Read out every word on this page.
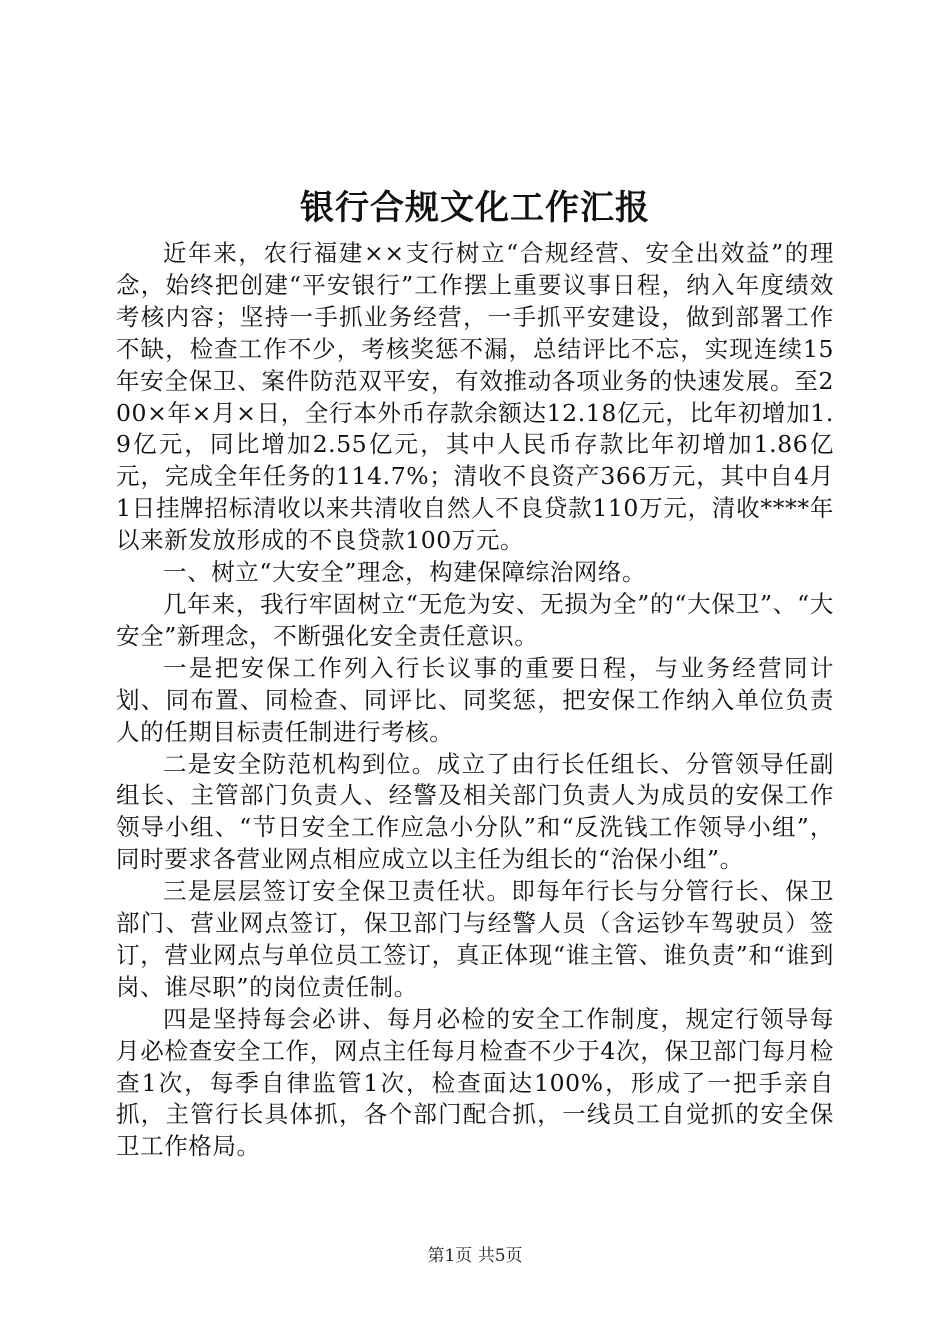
银行合规文化工作汇报

近年来，农行福建××支行树立“合规经营、安全出效益”的理念，始终把创建“平安银行”工作摆上重要议事日程，纳入年度绩效考核内容；坚持一手抓业务经营，一手抓平安建设，做到部署工作不缺，检查工作不少，考核奖惩不漏，总结评比不忘，实现连续15年安全保卫、案件防范双平安，有效推动各项业务的快速发展。至200×年×月×日，全行本外币存款余额达12.18亿元，比年初增加1.9亿元，同比增加2.55亿元，其中人民币存款比年初增加1.86亿元，完成全年任务的114.7%；清收不良资产366万元，其中自4月1日挂牌招标清收以来共清收自然人不良贷款110万元，清收****年以来新发放形成的不良贷款100万元。

一、树立“大安全”理念，构建保障综治网络。

几年来，我行牢固树立“无危为安、无损为全”的“大保卫”、“大安全”新理念，不断强化安全责任意识。

一是把安保工作列入行长议事的重要日程，与业务经营同计划、同布置、同检查、同评比、同奖惩，把安保工作纳入单位负责人的任期目标责任制进行考核。

二是安全防范机构到位。成立了由行长任组长、分管领导任副组长、主管部门负责人、经警及相关部门负责人为成员的安保工作领导小组、“节日安全工作应急小分队”和“反洗钱工作领导小组”，同时要求各营业网点相应成立以主任为组长的“治保小组”。

三是层层签订安全保卫责任状。即每年行长与分管行长、保卫部门、营业网点签订，保卫部门与经警人员（含运钞车驾驶员）签订，营业网点与单位员工签订，真正体现“谁主管、谁负责”和“谁到岗、谁尽职”的岗位责任制。

四是坚持每会必讲、每月必检的安全工作制度，规定行领导每月必检查安全工作，网点主任每月检查不少于4次，保卫部门每月检查1次，每季自律监管1次，检查面达100%，形成了一把手亲自抓，主管行长具体抓，各个部门配合抓，一线员工自觉抓的安全保卫工作格局。

第1页 共5页
